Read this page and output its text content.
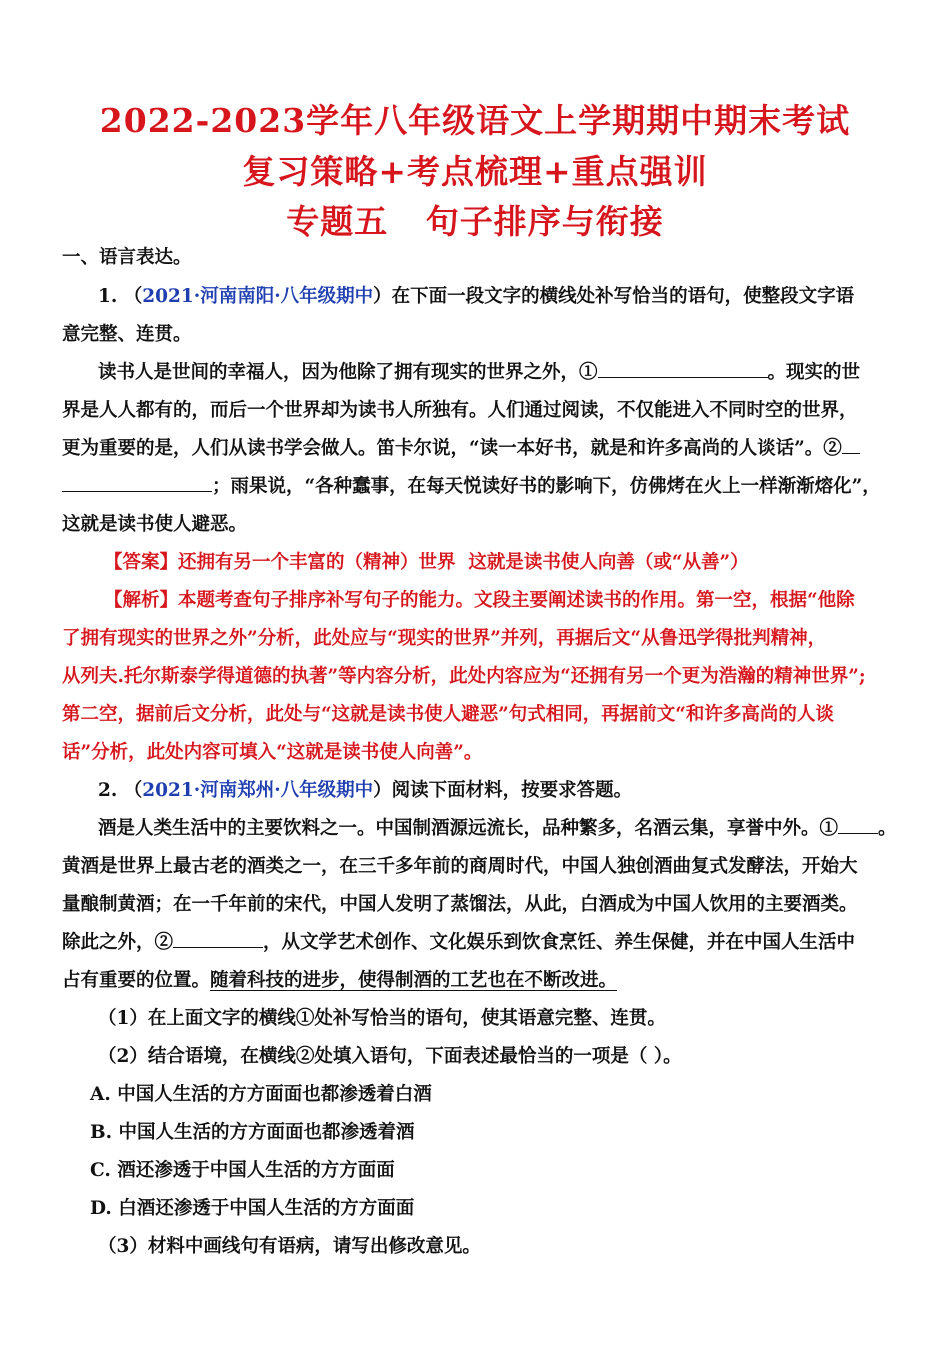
2022-2023学年八年级语文上学期期中期末考试
复习策略+考点梳理+重点强训
专题五   句子排序与衔接
一、语言表达。
1. （2021·河南南阳·八年级期中）在下面一段文字的横线处补写恰当的语句，使整段文字语
意完整、连贯。
读书人是世间的幸福人，因为他除了拥有现实的世界之外，①	。现实的世
界是人人都有的，而后一个世界却为读书人所独有。人们通过阅读，不仅能进入不同时空的世界，
更为重要的是，人们从读书学会做人。笛卡尔说，“读一本好书，就是和许多高尚的人谈话”。②
；雨果说，“各种蠢事，在每天悦读好书的影响下，仿佛烤在火上一样渐渐熔化”，
这就是读书使人避恶。
【答案】还拥有另一个丰富的（精神）世界  这就是读书使人向善（或“从善”）
【解析】本题考查句子排序补写句子的能力。文段主要阐述读书的作用。第一空，根据“他除
了拥有现实的世界之外”分析，此处应与“现实的世界”并列，再据后文“从鲁迅学得批判精神，
从列夫.托尔斯泰学得道德的执著”等内容分析，此处内容应为“还拥有另一个更为浩瀚的精神世界”;
第二空，据前后文分析，此处与“这就是读书使人避恶”句式相同，再据前文“和许多高尚的人谈
话”分析，此处内容可填入“这就是读书使人向善”。
2. （2021·河南郑州·八年级期中）阅读下面材料，按要求答题。
酒是人类生活中的主要饮料之一。中国制酒源远流长，品种繁多，名酒云集，享誉中外。① 。
黄酒是世界上最古老的酒类之一，在三千多年前的商周时代，中国人独创酒曲复式发酵法，开始大
量酿制黄酒；在一千年前的宋代，中国人发明了蒸馏法，从此，白酒成为中国人饮用的主要酒类。
除此之外，②	，从文学艺术创作、文化娱乐到饮食烹饪、养生保健，并在中国人生活中
占有重要的位置。随着科技的进步，使得制酒的工艺也在不断改进。
（1）在上面文字的横线①处补写恰当的语句，使其语意完整、连贯。
（2）结合语境，在横线②处填入语句，下面表述最恰当的一项是（ ）。
A. 中国人生活的方方面面也都渗透着白酒
B. 中国人生活的方方面面也都渗透着酒
C. 酒还渗透于中国人生活的方方面面
D. 白酒还渗透于中国人生活的方方面面
（3）材料中画线句有语病，请写出修改意见。
